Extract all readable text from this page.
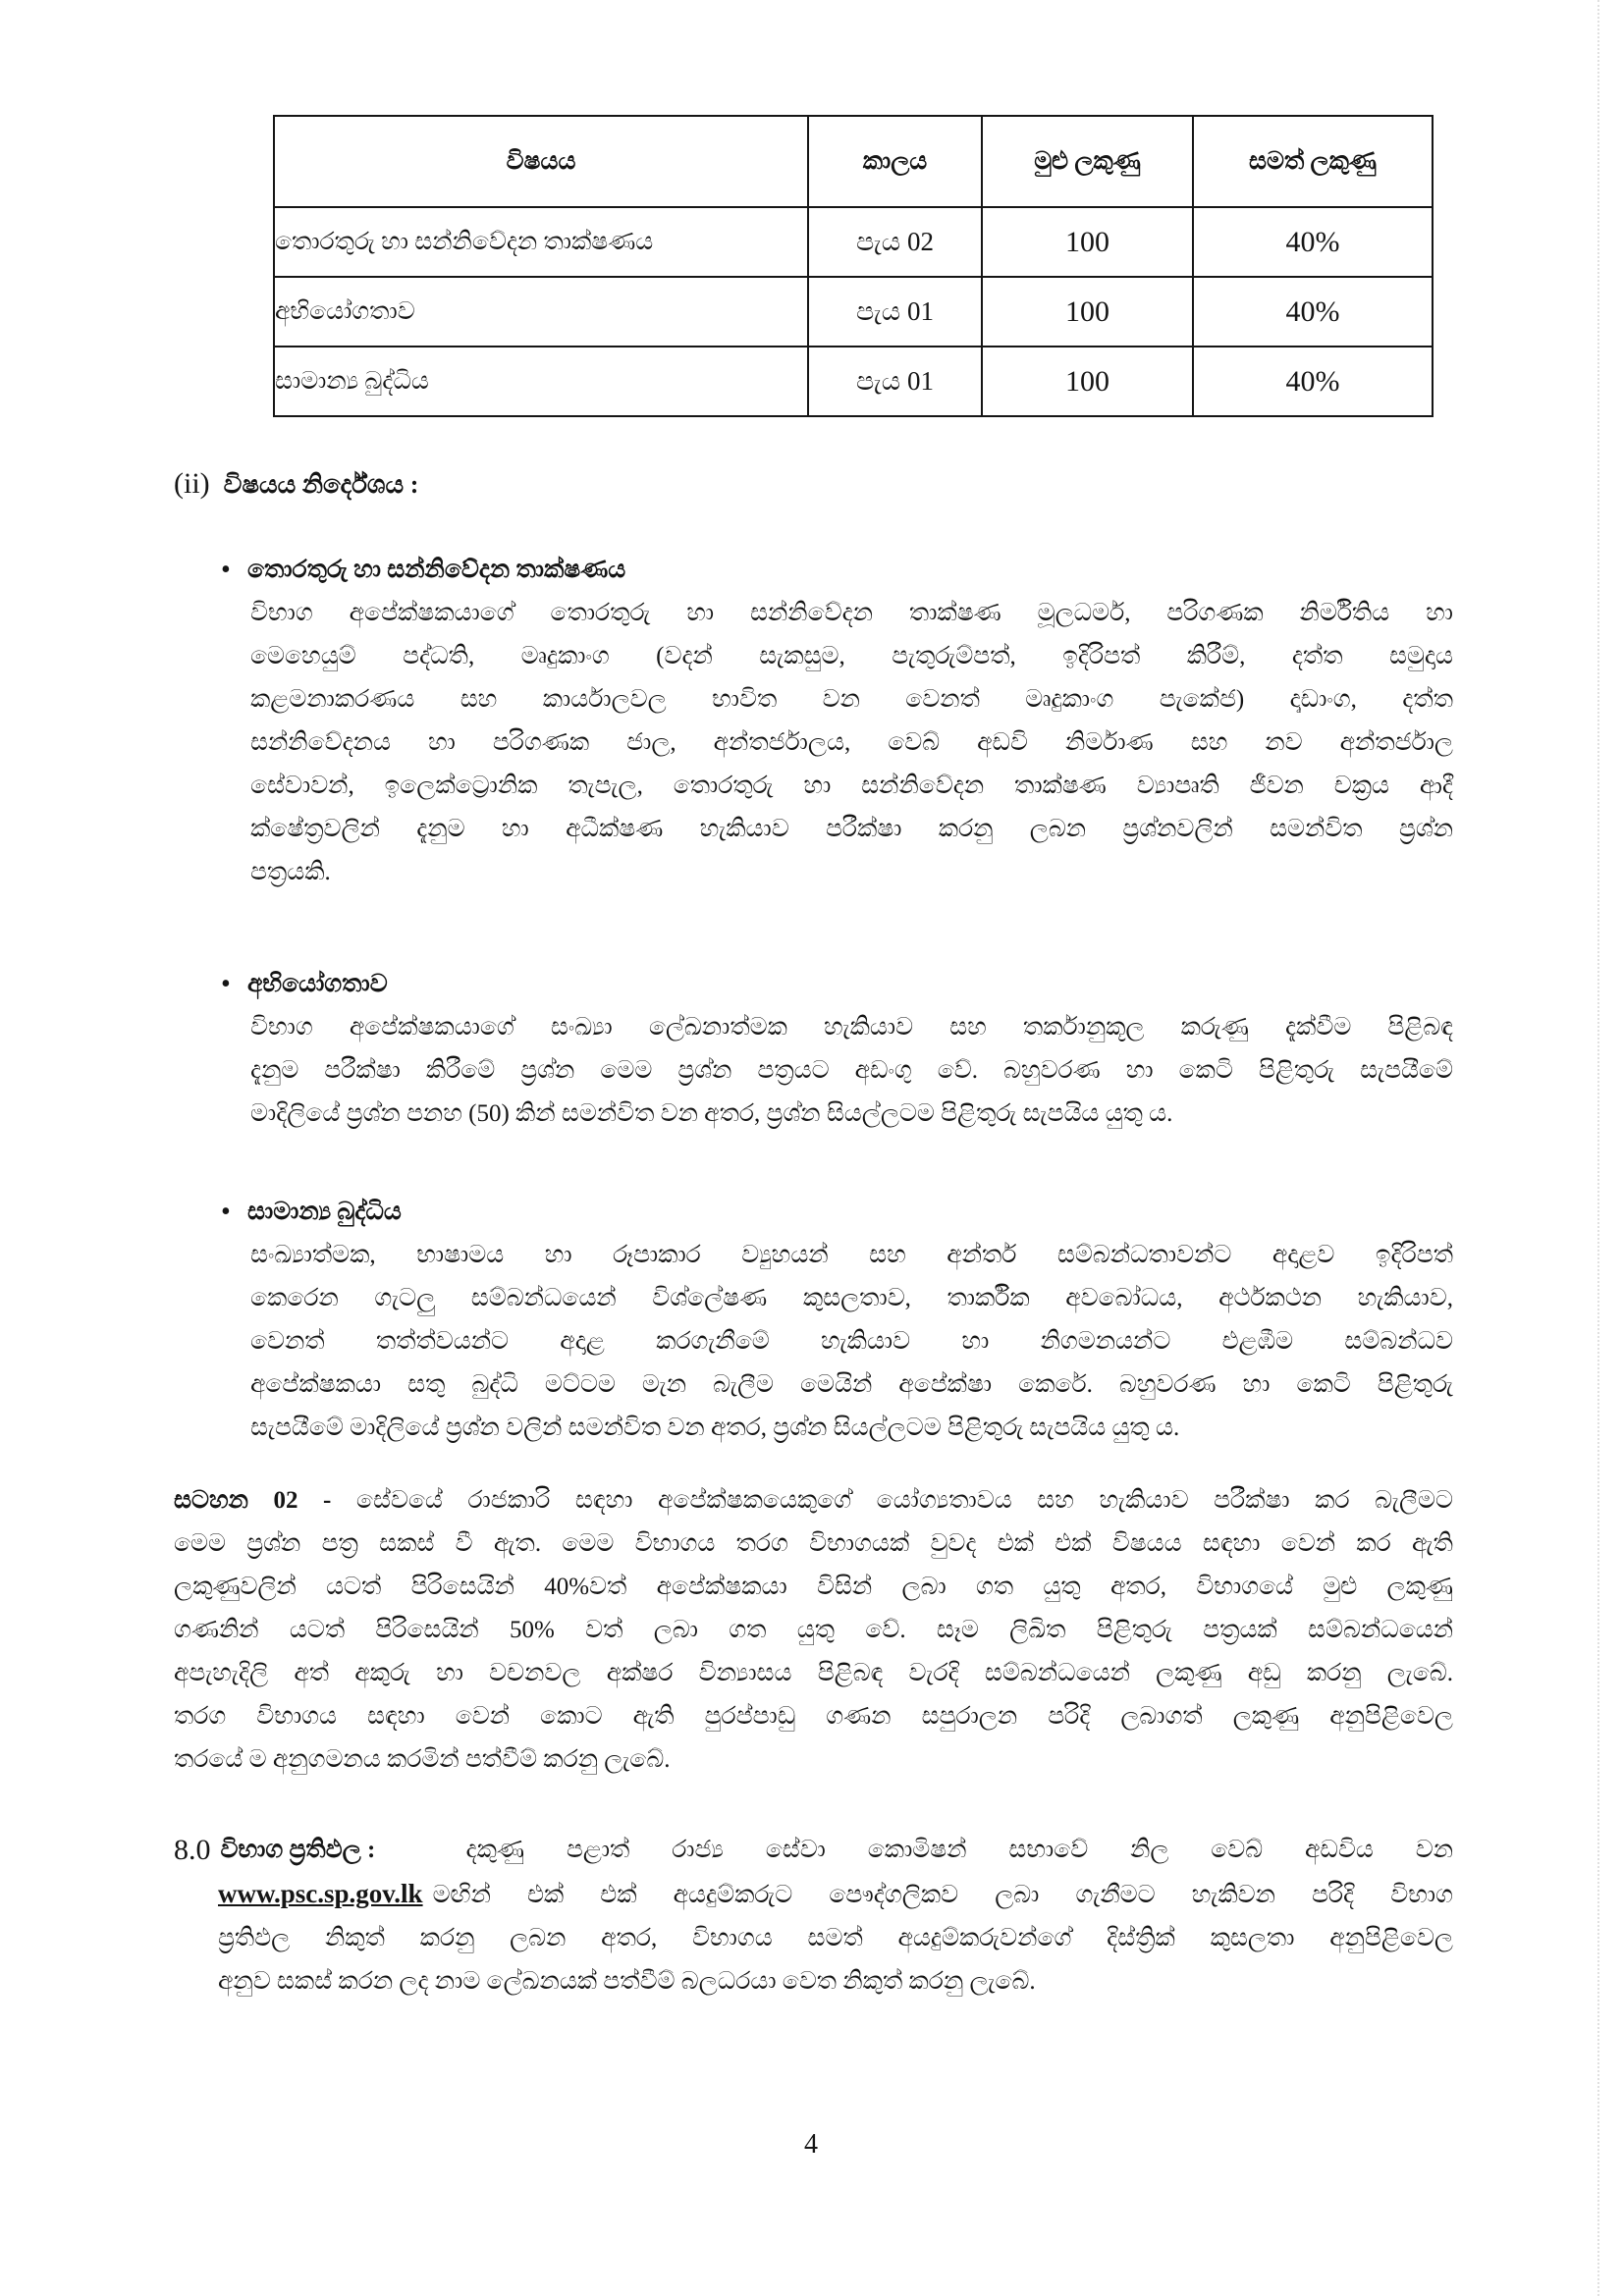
විෂයය	කාලය	මුළු ලකුණු	සමත් ලකුණු
තොරතුරු හා සන්නිවේදන තාක්ෂණය	පැය 02	100	40%
අභියෝගතාව	පැය 01	100	40%
සාමාන්‍ය බුද්ධිය	පැය 01	100	40%
(ii) විෂයය නිර්දේශය :
• තොරතුරු හා සන්නිවේදන තාක්ෂණය
විභාග අපේක්ෂකයාගේ තොරතුරු හා සන්නිවේදන තාක්ෂණ මූලධර්ම, පරිගණක නිර්මිතිය හා
මෙහෙයුම් පද්ධති, මෘදුකාංග (වදන් සැකසුම, පැතුරුම්පත්, ඉදිරිපත් කිරීම්, දත්ත සමුදාය
කළමනාකරණය සහ කාර්යාලවල භාවිත වන වෙනත් මෘදුකාංග පැකේජ) දෘඩාංග, දත්ත
සන්නිවේදනය හා පරිගණක ජාල, අන්තර්ජාලය, වෙබ් අඩවි නිර්මාණ සහ නව අන්තර්ජාල
සේවාවන්, ඉලෙක්ට්‍රොනික තැපැල, තොරතුරු හා සන්නිවේදන තාක්ෂණ ව්‍යාපෘති ජීවන චක්‍රය ආදී
ක්ෂේත්‍රවලින් දැනුම හා අධීක්ෂණ හැකියාව පරීක්ෂා කරනු ලබන ප්‍රශ්නවලින් සමන්විත ප්‍රශ්න
පත්‍රයකි.
• අභියෝගතාව
විභාග අපේක්ෂකයාගේ සංඛ්‍යා ලේඛනාත්මක හැකියාව සහ තර්කානුකූල කරුණු දැක්වීම පිළිබඳ
දැනුම පරීක්ෂා කිරීමේ ප්‍රශ්න මෙම ප්‍රශ්න පත්‍රයට අඩංගු වේ. බහුවරණ හා කෙටි පිළිතුරු සැපයීමේ
මාදිලියේ ප්‍රශ්න පනහ (50) කින් සමන්විත වන අතර, ප්‍රශ්න සියල්ලටම පිළිතුරු සැපයිය යුතු ය.
• සාමාන්‍ය බුද්ධිය
සංඛ්‍යාත්මක, භාෂාමය හා රූපාකාර ව්‍යුහයන් සහ අන්තර් සම්බන්ධතාවන්ට අදාළව ඉදිරිපත්
කෙරෙන ගැටලු සම්බන්ධයෙන් විශ්ලේෂණ කුසලතාව, තාර්කික අවබෝධය, අර්ථකථන හැකියාව,
වෙනත් තත්ත්වයන්ට අදාළ කරගැනීමේ හැකියාව හා නිගමනයන්ට එළඹීම සම්බන්ධව
අපේක්ෂකයා සතු බුද්ධි මට්ටම මැන බැලීම මෙයින් අපේක්ෂා කෙරේ. බහුවරණ හා කෙටි පිළිතුරු
සැපයීමේ මාදිලියේ ප්‍රශ්න වලින් සමන්විත වන අතර, ප්‍රශ්න සියල්ලටම පිළිතුරු සැපයිය යුතු ය.
සටහන 02 - සේවයේ රාජකාරි සඳහා අපේක්ෂකයෙකුගේ යෝග්‍යතාවය සහ හැකියාව පරීක්ෂා කර බැලීමට
මෙම ප්‍රශ්න පත්‍ර සකස් වී ඇත. මෙම විභාගය තරග විභාගයක් වුවද එක් එක් විෂයය සඳහා වෙන් කර ඇති
ලකුණුවලින් යටත් පිරිසෙයින් 40%වත් අපේක්ෂකයා විසින් ලබා ගත යුතු අතර, විභාගයේ මුළු ලකුණු
ගණනින් යටත් පිරිසෙයින් 50% වත් ලබා ගත යුතු වේ. සෑම ලිඛිත පිළිතුරු පත්‍රයක් සම්බන්ධයෙන්
අපැහැදිලි අත් අකුරු හා වචනවල අක්ෂර වින්‍යාසය පිළිබඳ වැරදි සම්බන්ධයෙන් ලකුණු අඩු කරනු ලැබේ.
තරග විභාගය සඳහා වෙන් කොට ඇති පුරප්පාඩු ගණන සපුරාලන පරිදි ලබාගත් ලකුණු අනුපිළිවෙල
තරයේ ම අනුගමනය කරමින් පත්වීම් කරනු ලැබේ.
8.0 විභාග ප්‍රතිඵල :	දකුණු පළාත් රාජ්‍ය සේවා කොමිෂන් සභාවේ නිල වෙබ් අඩවිය වන
www.psc.sp.gov.lk මඟින් එක් එක් අයදුම්කරුට පෞද්ගලිකව ලබා ගැනීමට හැකිවන පරිදි විභාග
ප්‍රතිඵල නිකුත් කරනු ලබන අතර, විභාගය සමත් අයදුම්කරුවන්ගේ දිස්ත්‍රික් කුසලතා අනුපිළිවෙල
අනුව සකස් කරන ලද නාම ලේඛනයක් පත්වීම් බලධරයා වෙත නිකුත් කරනු ලැබේ.
4
